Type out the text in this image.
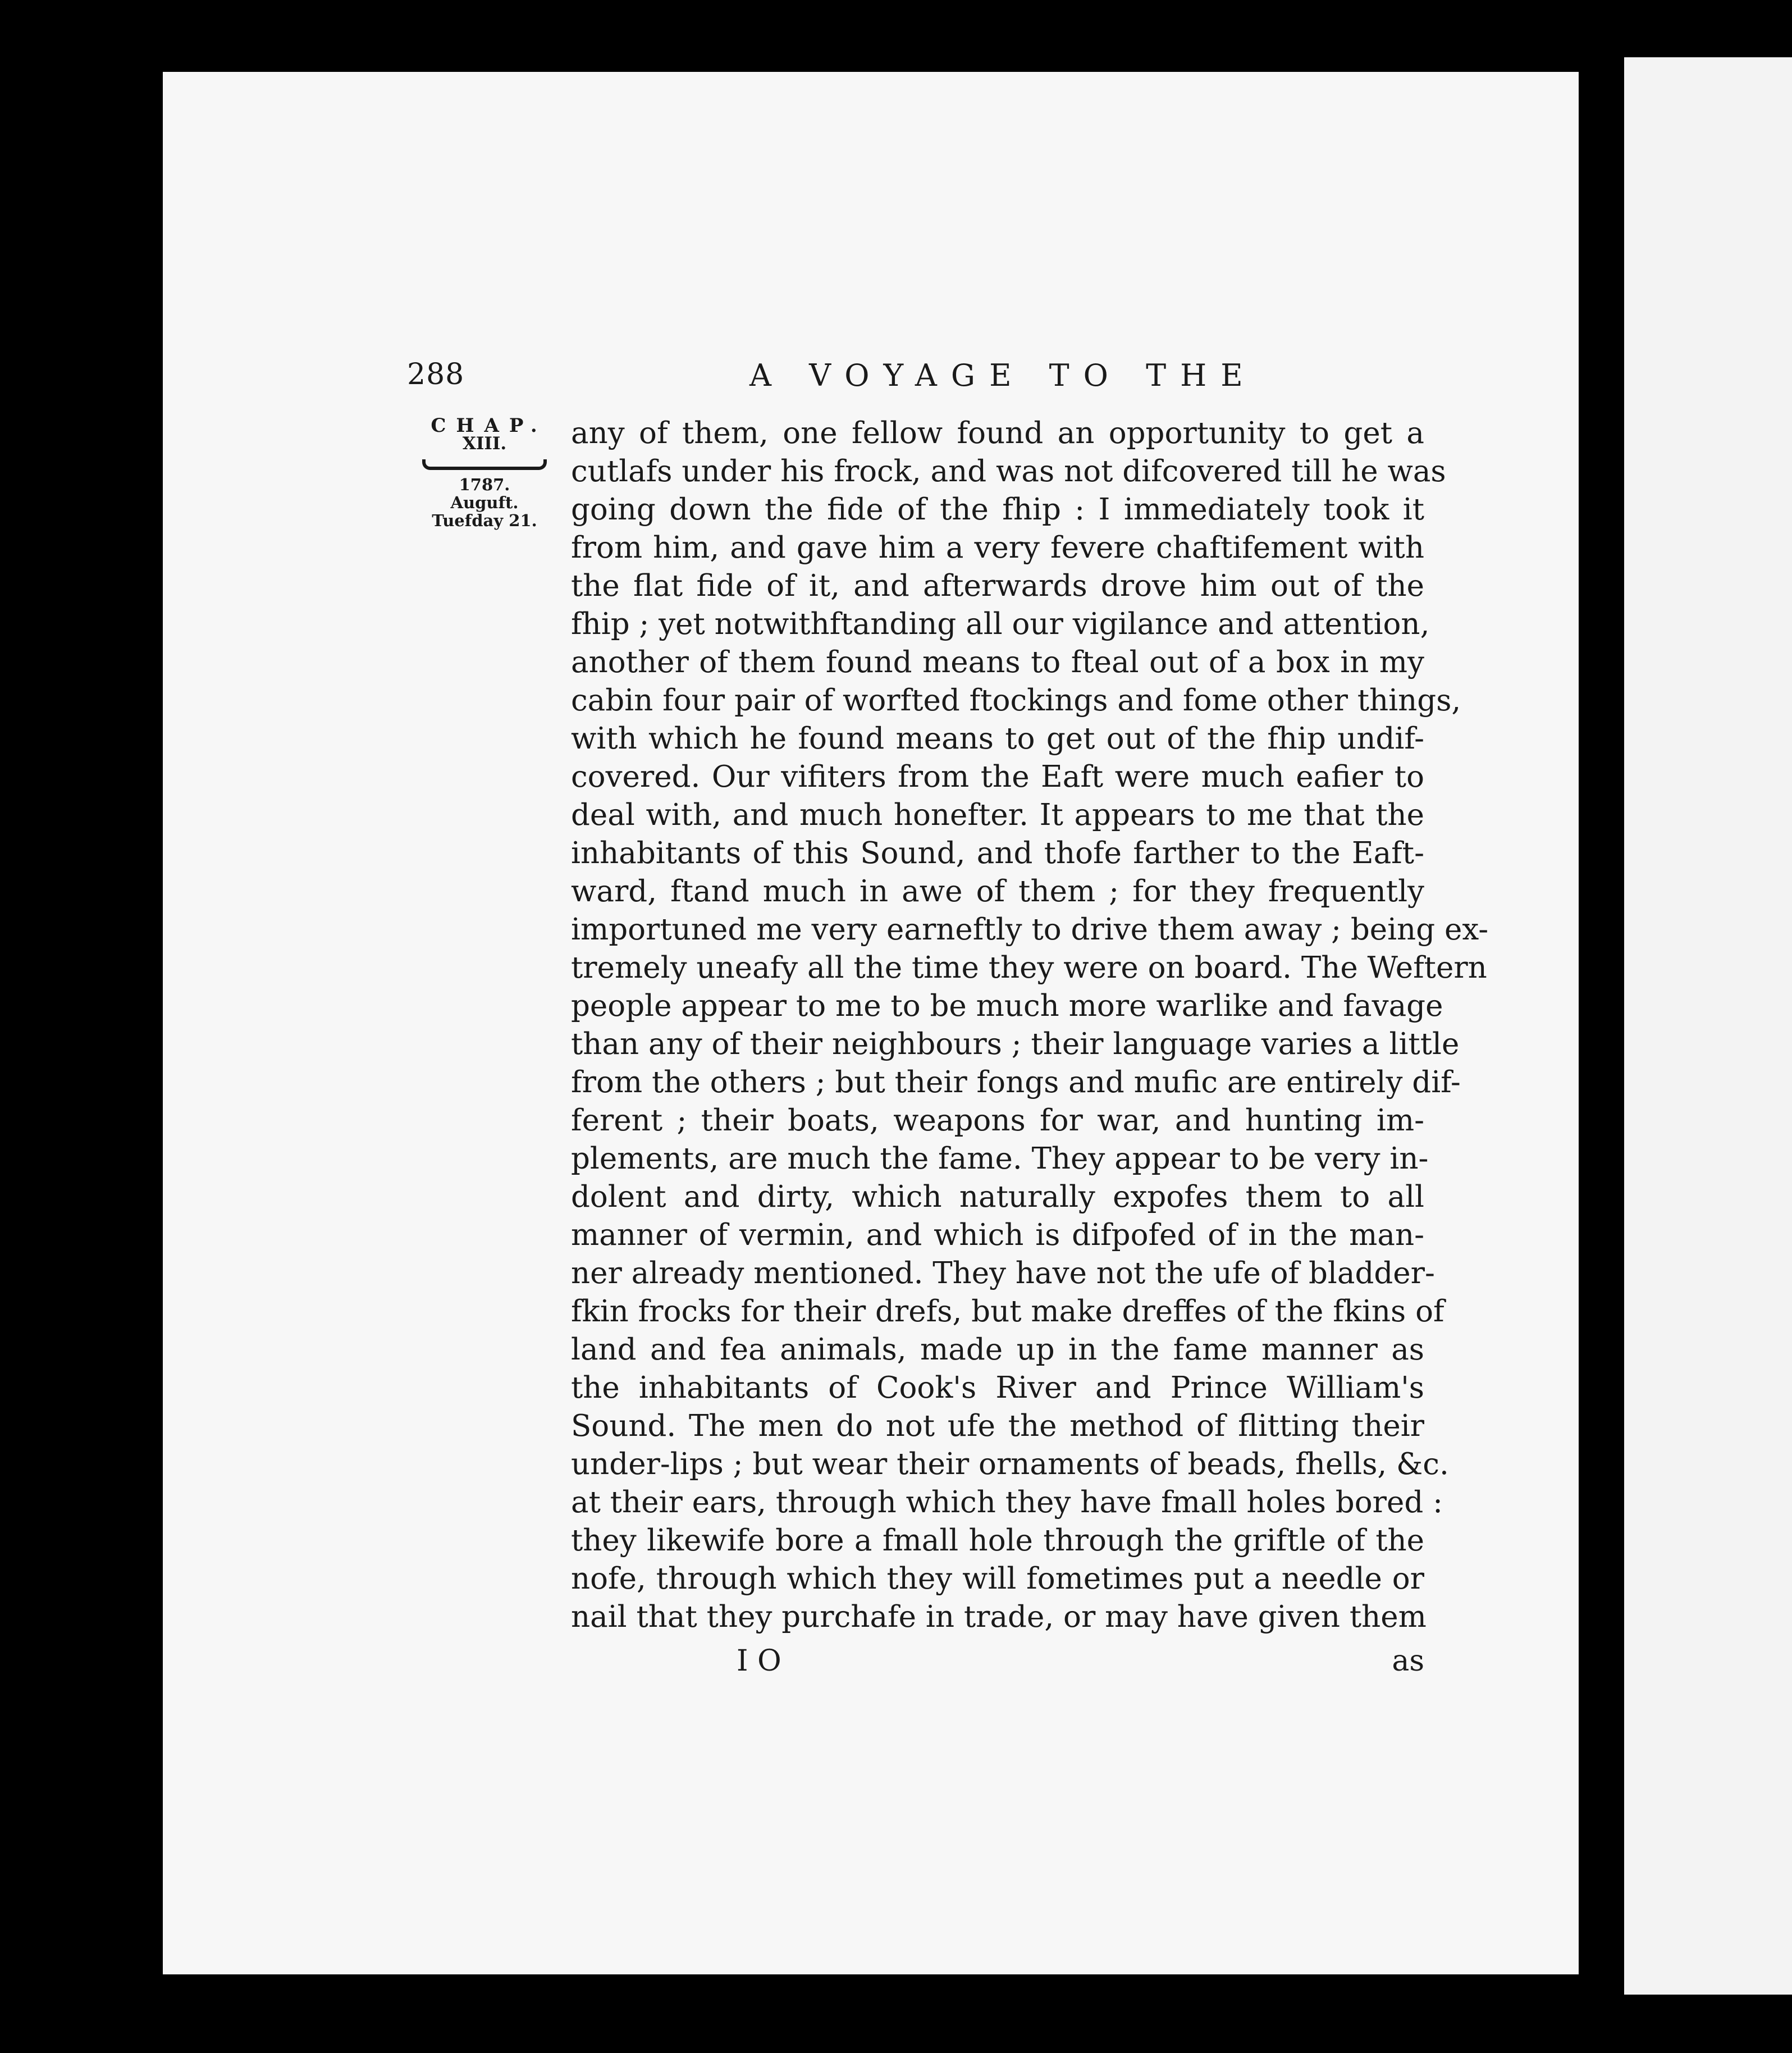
288	A VOYAGE TO THE
CHAP.
XIII.
1787.
Auguft.
Tuefday 21.
any of them, one fellow found an opportunity to get a
cutlafs under his frock, and was not difcovered till he was
going down the fide of the fhip : I immediately took it
from him, and gave him a very fevere chaftifement with
the flat fide of it, and afterwards drove him out of the
fhip ; yet notwithftanding all our vigilance and attention,
another of them found means to fteal out of a box in my
cabin four pair of worfted ftockings and fome other things,
with which he found means to get out of the fhip undif-
covered. Our vifiters from the Eaft were much eafier to
deal with, and much honefter. It appears to me that the
inhabitants of this Sound, and thofe farther to the Eaft-
ward, ftand much in awe of them ; for they frequently
importuned me very earneftly to drive them away ; being ex-
tremely uneafy all the time they were on board. The Weftern
people appear to me to be much more warlike and favage
than any of their neighbours ; their language varies a little
from the others ; but their fongs and mufic are entirely dif-
ferent ; their boats, weapons for war, and hunting im-
plements, are much the fame. They appear to be very in-
dolent and dirty, which naturally expofes them to all
manner of vermin, and which is difpofed of in the man-
ner already mentioned. They have not the ufe of bladder-
fkin frocks for their drefs, but make dreffes of the fkins of
land and fea animals, made up in the fame manner as
the inhabitants of Cook's River and Prince William's
Sound. The men do not ufe the method of flitting their
under-lips ; but wear their ornaments of beads, fhells, &c.
at their ears, through which they have fmall holes bored :
they likewife bore a fmall hole through the griftle of the
nofe, through which they will fometimes put a needle or
nail that they purchafe in trade, or may have given them
I O	as
